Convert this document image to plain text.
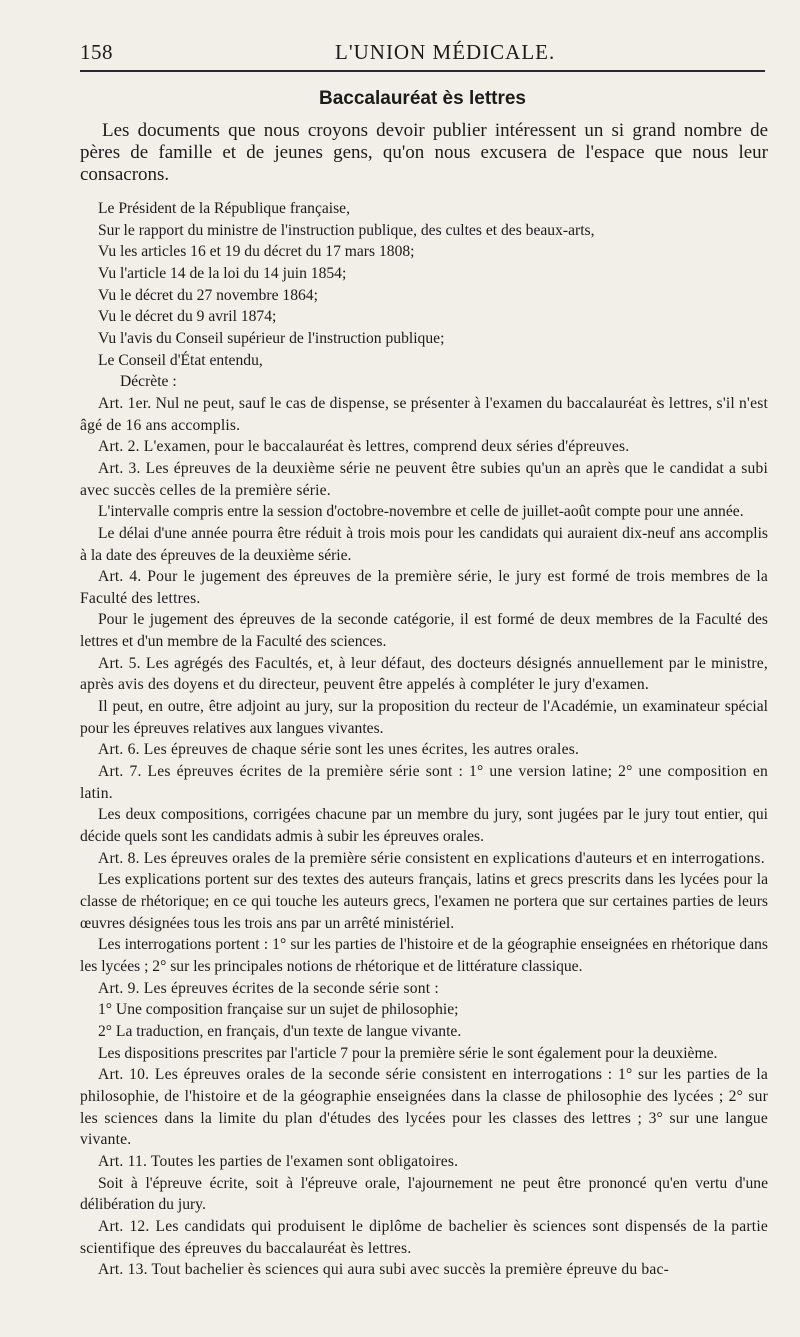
158	L'UNION MÉDICALE.
Baccalauréat ès lettres

Les documents que nous croyons devoir publier intéressent un si grand nombre de pères de famille et de jeunes gens, qu'on nous excusera de l'espace que nous leur consacrons.

Le Président de la République française,

Sur le rapport du ministre de l'instruction publique, des cultes et des beaux-arts,

Vu les articles 16 et 19 du décret du 17 mars 1808;

Vu l'article 14 de la loi du 14 juin 1854;

Vu le décret du 27 novembre 1864;

Vu le décret du 9 avril 1874;

Vu l'avis du Conseil supérieur de l'instruction publique;

Le Conseil d'État entendu,

Décrète :

Art. 1er. Nul ne peut, sauf le cas de dispense, se présenter à l'examen du baccalauréat ès lettres, s'il n'est âgé de 16 ans accomplis.

Art. 2. L'examen, pour le baccalauréat ès lettres, comprend deux séries d'épreuves.

Art. 3. Les épreuves de la deuxième série ne peuvent être subies qu'un an après que le candidat a subi avec succès celles de la première série.

L'intervalle compris entre la session d'octobre-novembre et celle de juillet-août compte pour une année.

Le délai d'une année pourra être réduit à trois mois pour les candidats qui auraient dix-neuf ans accomplis à la date des épreuves de la deuxième série.

Art. 4. Pour le jugement des épreuves de la première série, le jury est formé de trois membres de la Faculté des lettres.

Pour le jugement des épreuves de la seconde catégorie, il est formé de deux membres de la Faculté des lettres et d'un membre de la Faculté des sciences.

Art. 5. Les agrégés des Facultés, et, à leur défaut, des docteurs désignés annuellement par le ministre, après avis des doyens et du directeur, peuvent être appelés à compléter le jury d'examen.

Il peut, en outre, être adjoint au jury, sur la proposition du recteur de l'Académie, un examinateur spécial pour les épreuves relatives aux langues vivantes.

Art. 6. Les épreuves de chaque série sont les unes écrites, les autres orales.

Art. 7. Les épreuves écrites de la première série sont : 1° une version latine; 2° une composition en latin.

Les deux compositions, corrigées chacune par un membre du jury, sont jugées par le jury tout entier, qui décide quels sont les candidats admis à subir les épreuves orales.

Art. 8. Les épreuves orales de la première série consistent en explications d'auteurs et en interrogations.

Les explications portent sur des textes des auteurs français, latins et grecs prescrits dans les lycées pour la classe de rhétorique; en ce qui touche les auteurs grecs, l'examen ne portera que sur certaines parties de leurs œuvres désignées tous les trois ans par un arrêté ministériel.

Les interrogations portent : 1° sur les parties de l'histoire et de la géographie enseignées en rhétorique dans les lycées ; 2° sur les principales notions de rhétorique et de littérature classique.

Art. 9. Les épreuves écrites de la seconde série sont :

1° Une composition française sur un sujet de philosophie;

2° La traduction, en français, d'un texte de langue vivante.

Les dispositions prescrites par l'article 7 pour la première série le sont également pour la deuxième.

Art. 10. Les épreuves orales de la seconde série consistent en interrogations : 1° sur les parties de la philosophie, de l'histoire et de la géographie enseignées dans la classe de philosophie des lycées ; 2° sur les sciences dans la limite du plan d'études des lycées pour les classes des lettres ; 3° sur une langue vivante.

Art. 11. Toutes les parties de l'examen sont obligatoires.

Soit à l'épreuve écrite, soit à l'épreuve orale, l'ajournement ne peut être prononcé qu'en vertu d'une délibération du jury.

Art. 12. Les candidats qui produisent le diplôme de bachelier ès sciences sont dispensés de la partie scientifique des épreuves du baccalauréat ès lettres.

Art. 13. Tout bachelier ès sciences qui aura subi avec succès la première épreuve du bac-
